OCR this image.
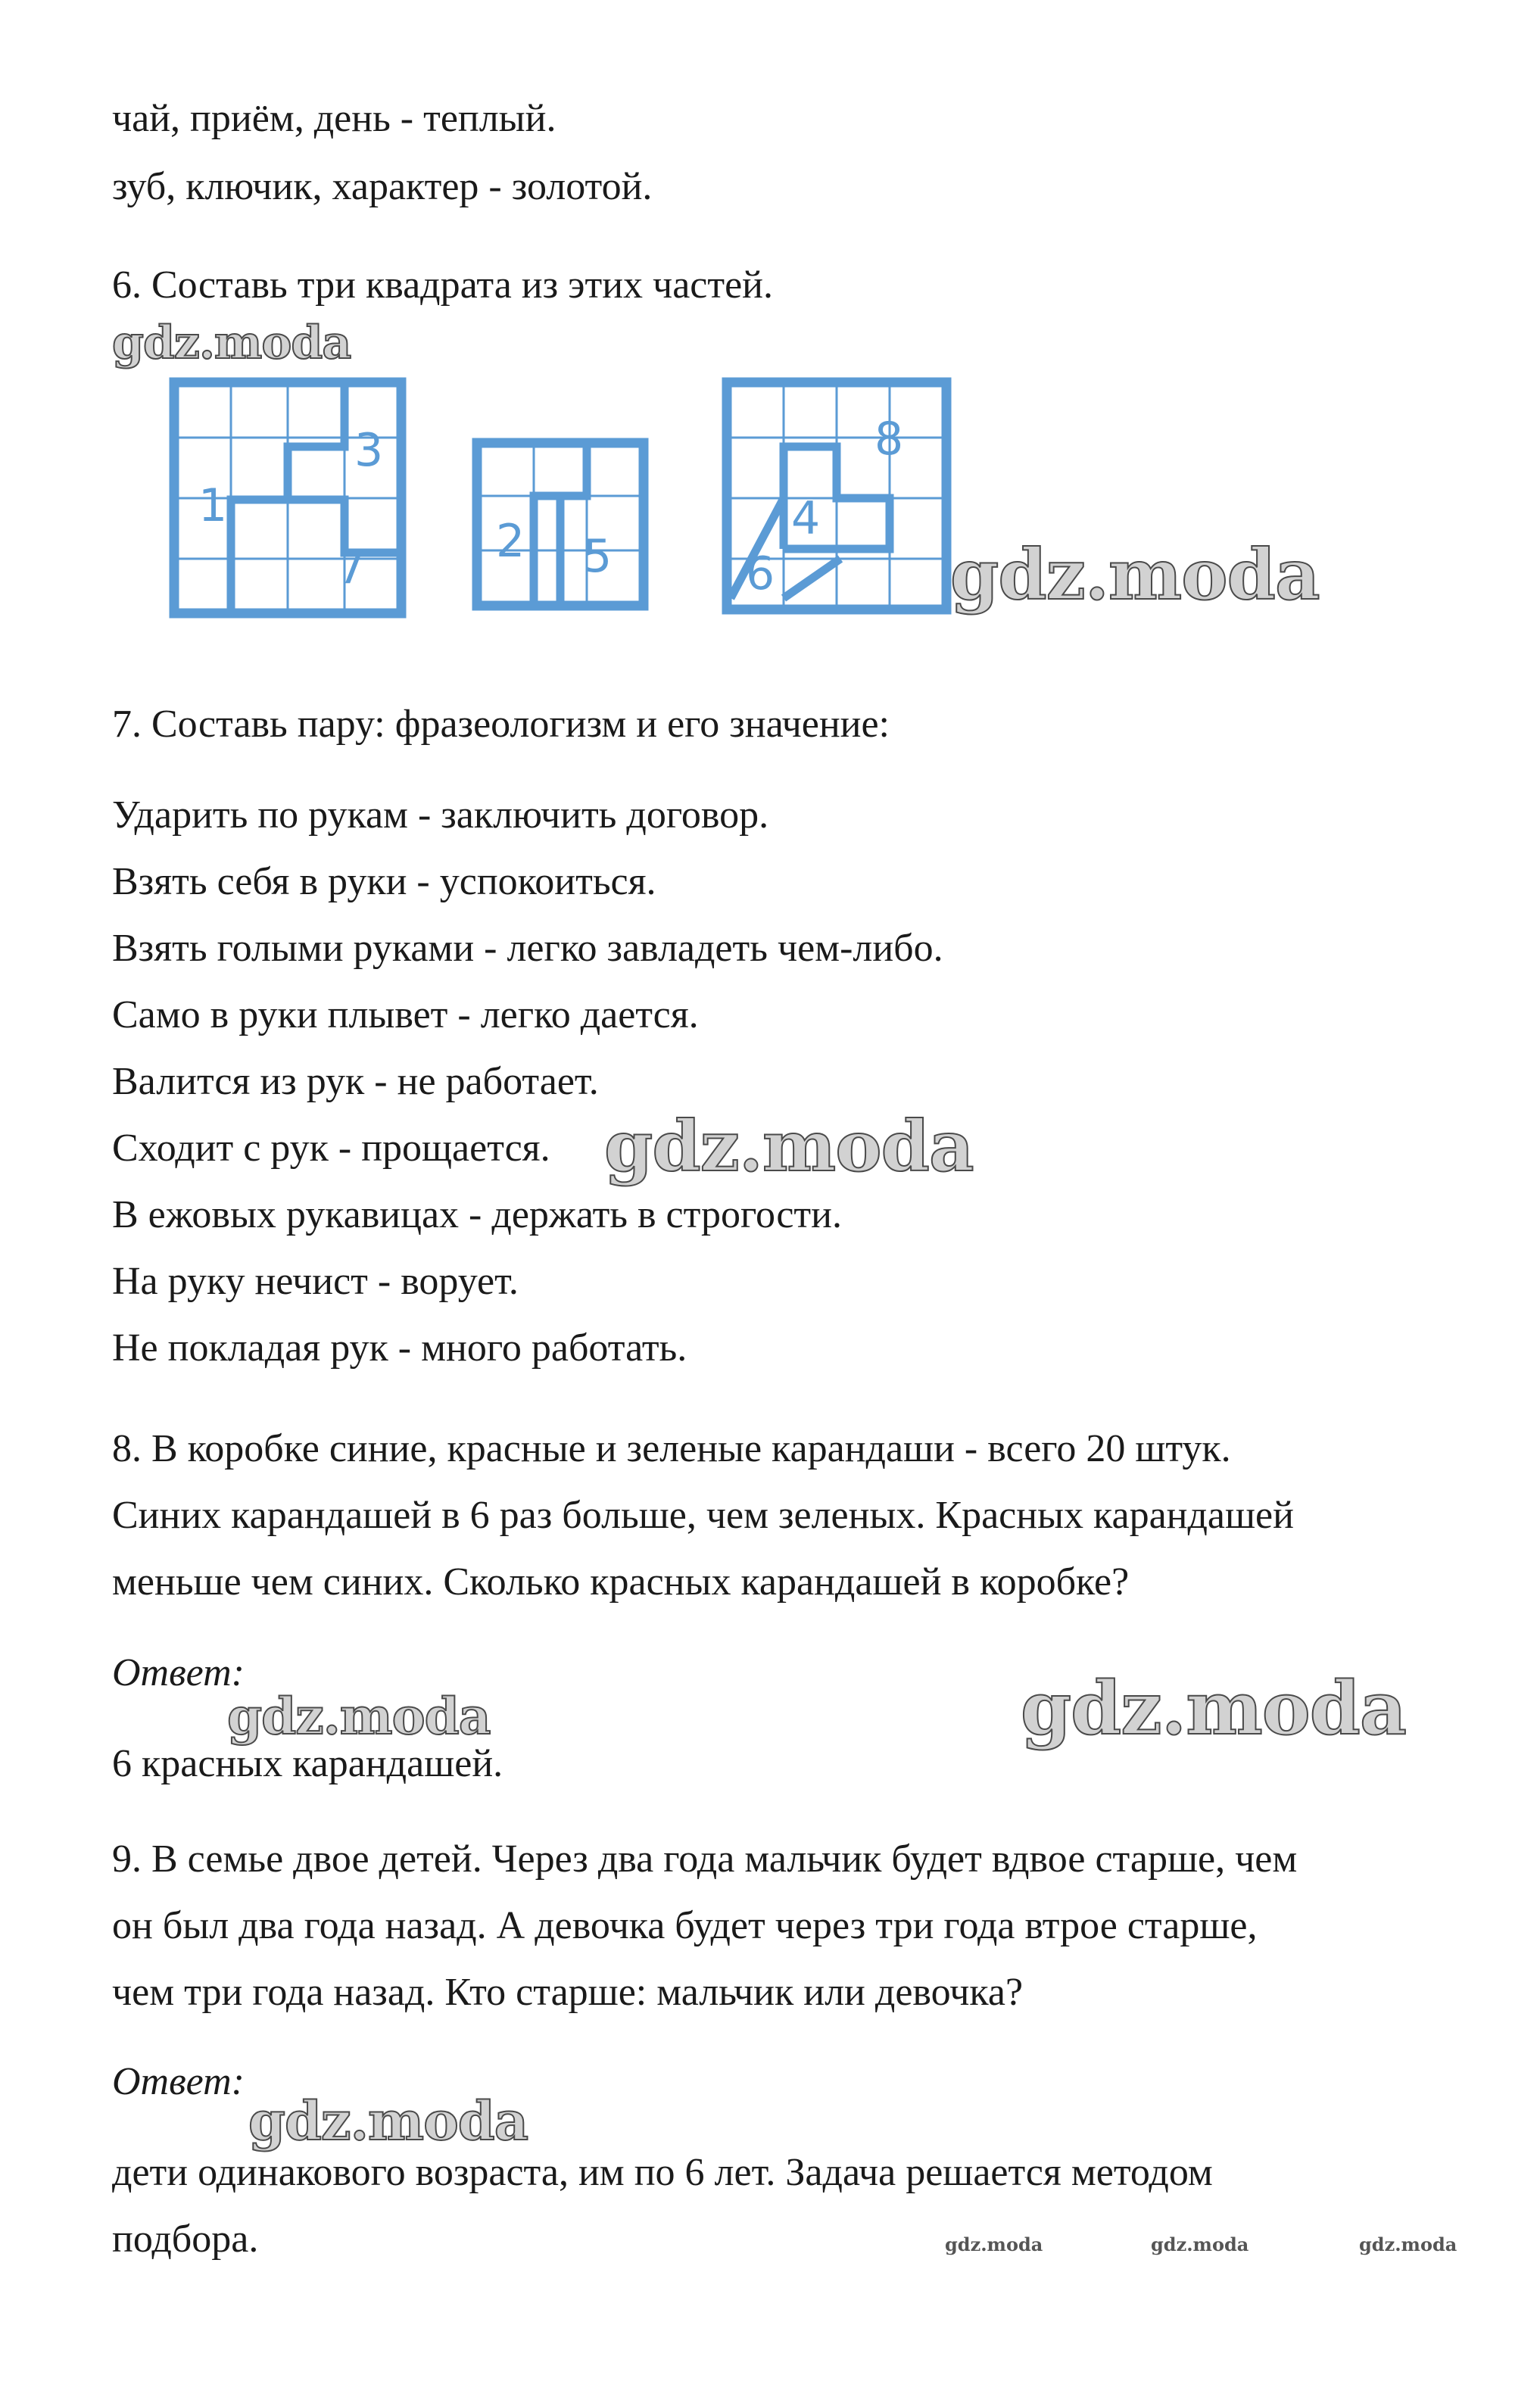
чай, приём, день - теплый.
зуб, ключик, характер - золотой.
6. Составь три квадрата из этих частей.
gdz.moda
1
3
7	2 5
8
4
6	gdz.moda
7. Составь пару: фразеологизм и его значение:
Ударить по рукам - заключить договор.
Взять себя в руки - успокоиться.
Взять голыми руками - легко завладеть чем-либо.
Само в руки плывет - легко дается.
Валится из рук - не работает.
Сходит с рук - прощается.
В ежовых рукавицах - держать в строгости.
На руку нечист - ворует.
Не покладая рук - много работать.
gdz.moda
8. В коробке синие, красные и зеленые карандаши - всего 20 штук.
Синих карандашей в 6 раз больше, чем зеленых. Красных карандашей
меньше чем синих. Сколько красных карандашей в коробке?
Ответ:
gdz.moda	gdz.moda
6 красных карандашей.
9. В семье двое детей. Через два года мальчик будет вдвое старше, чем
он был два года назад. А девочка будет через три года втрое старше,
чем три года назад. Кто старше: мальчик или девочка?
Ответ:
gdz.moda
дети одинакового возраста, им по 6 лет. Задача решается методом
подбора.	gdz.moda	gdz.moda	gdz.moda
